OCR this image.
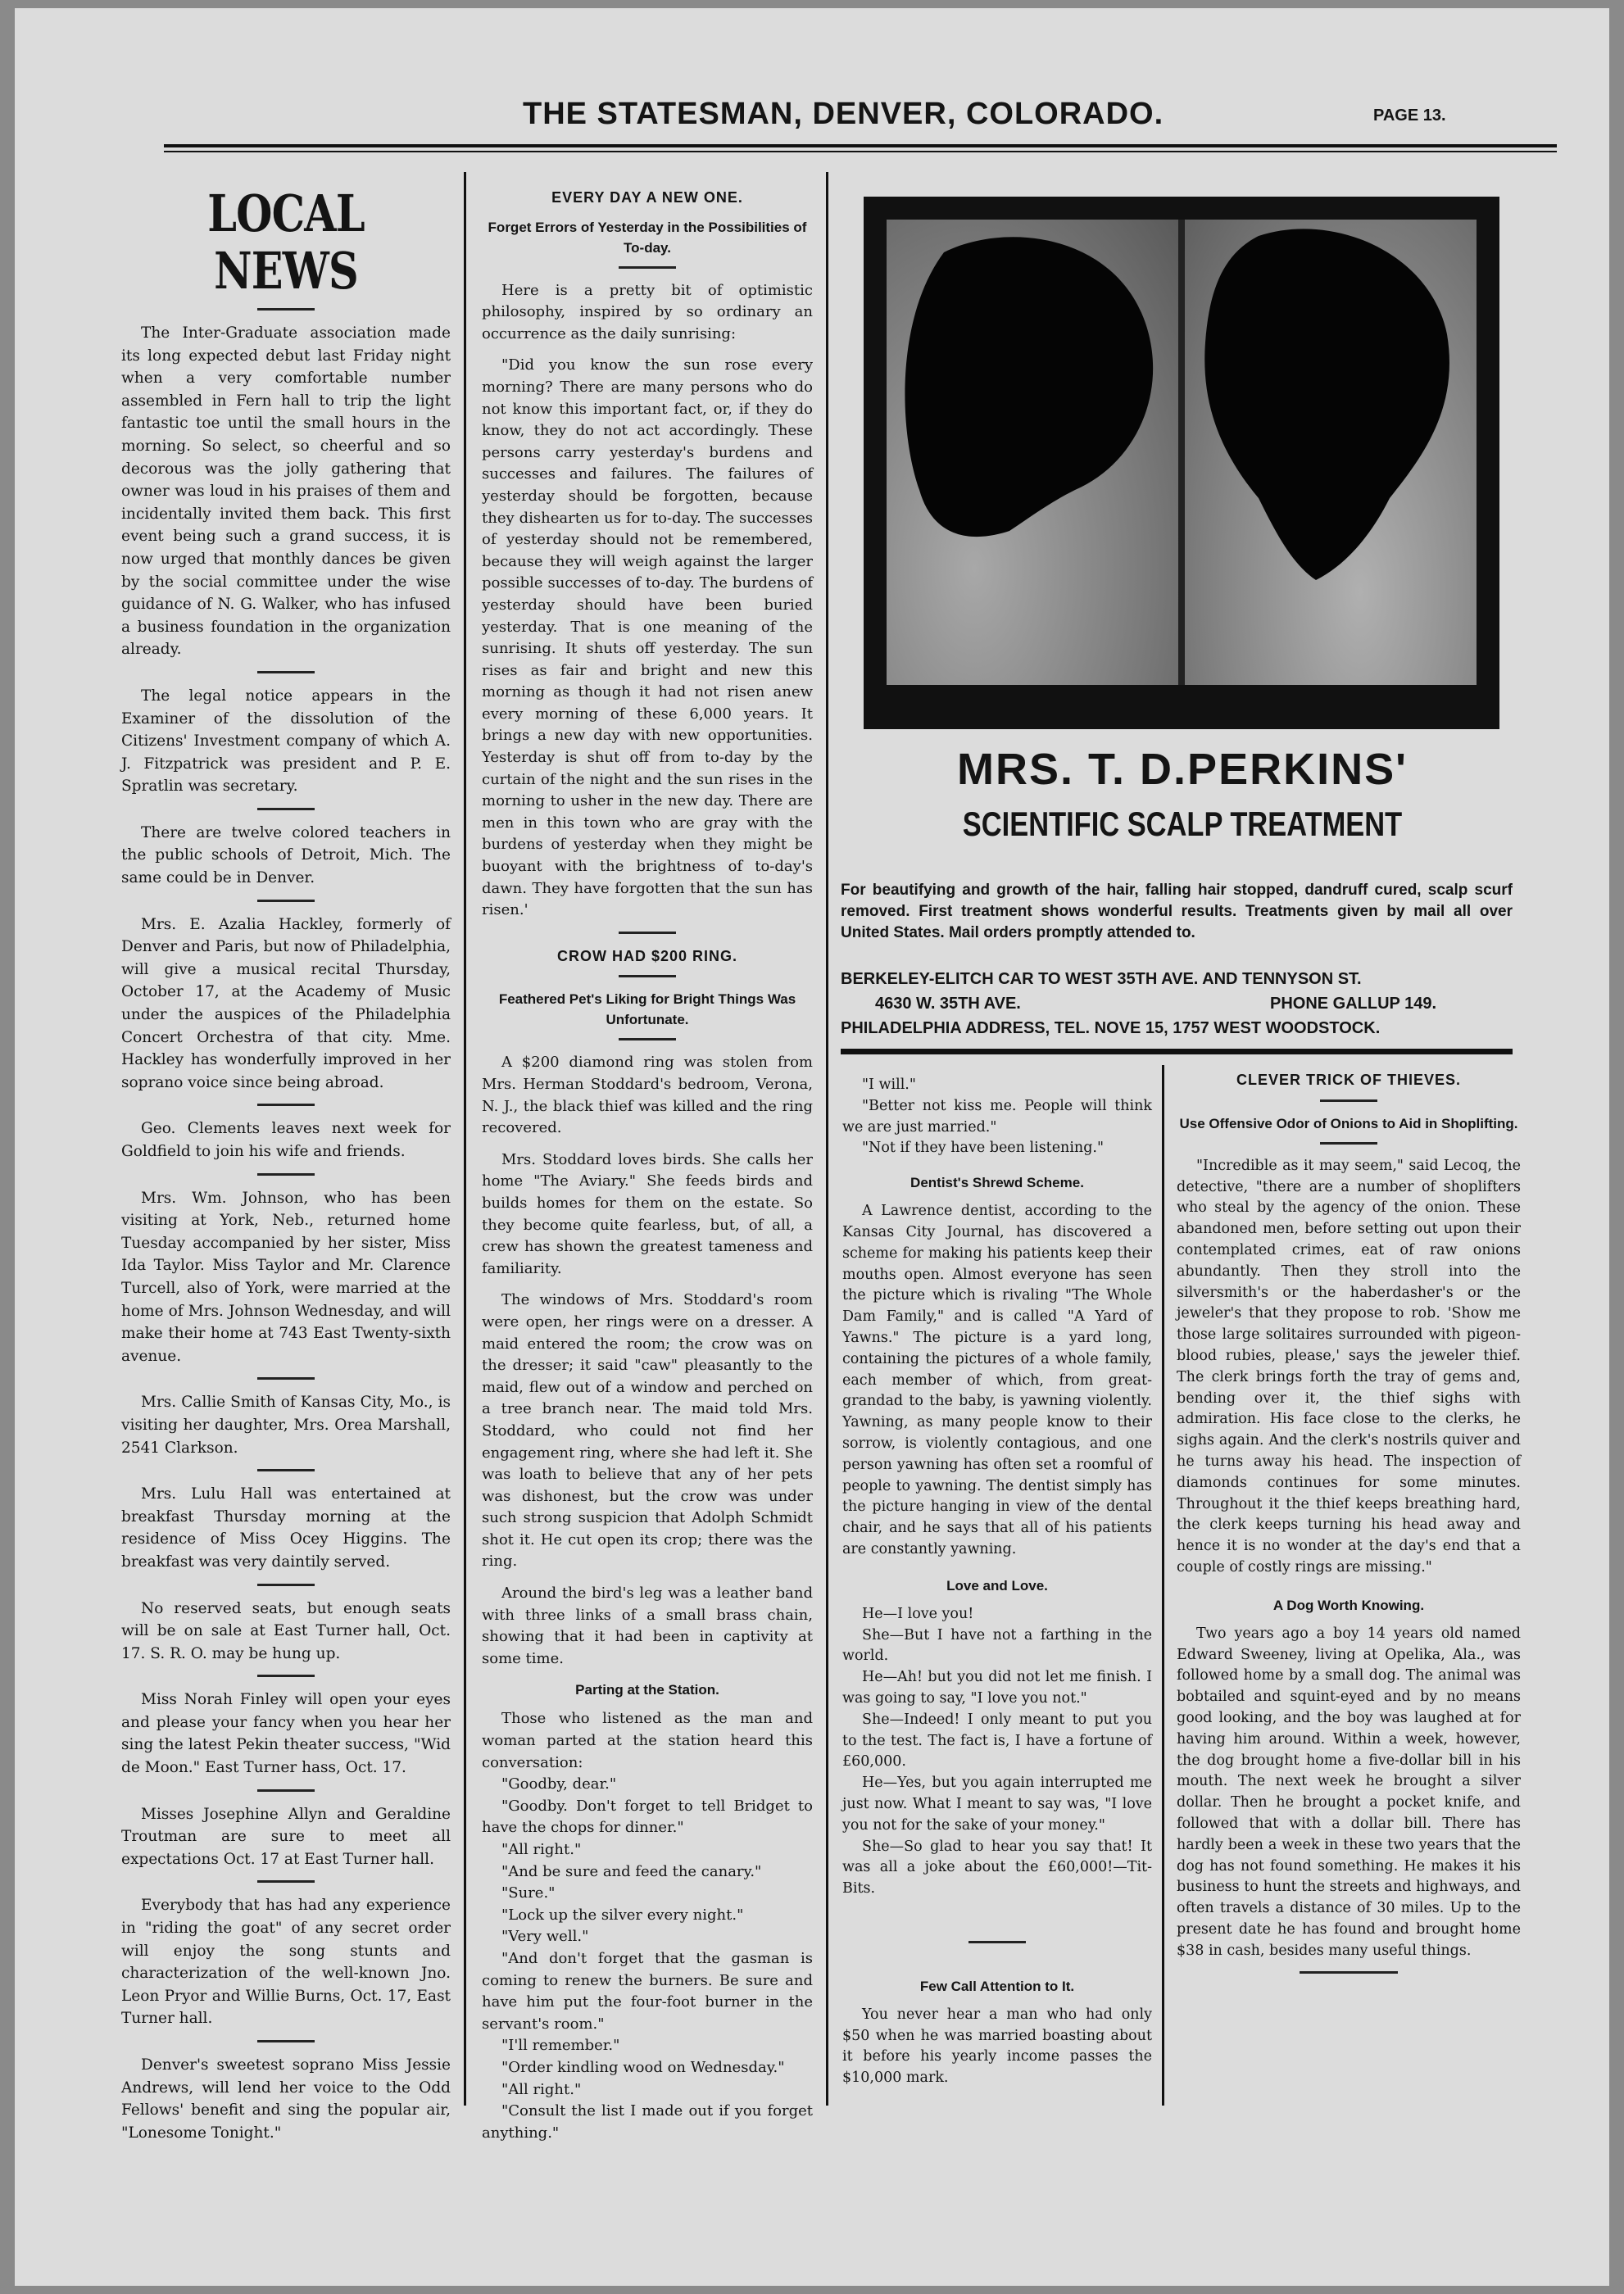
THE STATESMAN, DENVER, COLORADO.	PAGE 13.
LOCAL NEWS

The Inter-Graduate association made its long expected debut last Friday night when a very comfortable number assembled in Fern hall to trip the light fantastic toe until the small hours in the morning. So select, so cheerful and so decorous was the jolly gathering that owner was loud in his praises of them and incidentally invited them back. This first event being such a grand success, it is now urged that monthly dances be given by the social committee under the wise guidance of N. G. Walker, who has infused a business foundation in the organization already.

The legal notice appears in the Examiner of the dissolution of the Citizens' Investment company of which A. J. Fitzpatrick was president and P. E. Spratlin was secretary.

There are twelve colored teachers in the public schools of Detroit, Mich. The same could be in Denver.

Mrs. E. Azalia Hackley, formerly of Denver and Paris, but now of Philadelphia, will give a musical recital Thursday, October 17, at the Academy of Music under the auspices of the Philadelphia Concert Orchestra of that city. Mme. Hackley has wonderfully improved in her soprano voice since being abroad.

Geo. Clements leaves next week for Goldfield to join his wife and friends.

Mrs. Wm. Johnson, who has been visiting at York, Neb., returned home Tuesday accompanied by her sister, Miss Ida Taylor. Miss Taylor and Mr. Clarence Turcell, also of York, were married at the home of Mrs. Johnson Wednesday, and will make their home at 743 East Twenty-sixth avenue.

Mrs. Callie Smith of Kansas City, Mo., is visiting her daughter, Mrs. Orea Marshall, 2541 Clarkson.

Mrs. Lulu Hall was entertained at breakfast Thursday morning at the residence of Miss Ocey Higgins. The breakfast was very daintily served.

No reserved seats, but enough seats will be on sale at East Turner hall, Oct. 17. S. R. O. may be hung up.

Miss Norah Finley will open your eyes and please your fancy when you hear her sing the latest Pekin theater success, "Wid de Moon." East Turner hass, Oct. 17.

Misses Josephine Allyn and Geraldine Troutman are sure to meet all expectations Oct. 17 at East Turner hall.

Everybody that has had any experience in "riding the goat" of any secret order will enjoy the song stunts and characterization of the well-known Jno. Leon Pryor and Willie Burns, Oct. 17, East Turner hall.

Denver's sweetest soprano Miss Jessie Andrews, will lend her voice to the Odd Fellows' benefit and sing the popular air, "Lonesome Tonight."

EVERY DAY A NEW ONE.
Forget Errors of Yesterday in the Possibilities of To-day.

Here is a pretty bit of optimistic philosophy, inspired by so ordinary an occurrence as the daily sunrising:

"Did you know the sun rose every morning? There are many persons who do not know this important fact, or, if they do know, they do not act accordingly. These persons carry yesterday's burdens and successes and failures. The failures of yesterday should be forgotten, because they dishearten us for to-day. The successes of yesterday should not be remembered, because they will weigh against the larger possible successes of to-day. The burdens of yesterday should have been buried yesterday. That is one meaning of the sunrising. It shuts off yesterday. The sun rises as fair and bright and new this morning as though it had not risen anew every morning of these 6,000 years. It brings a new day with new opportunities. Yesterday is shut off from to-day by the curtain of the night and the sun rises in the morning to usher in the new day. There are men in this town who are gray with the burdens of yesterday when they might be buoyant with the brightness of to-day's dawn. They have forgotten that the sun has risen.'

CROW HAD $200 RING.
Feathered Pet's Liking for Bright Things Was Unfortunate.

A $200 diamond ring was stolen from Mrs. Herman Stoddard's bedroom, Verona, N. J., the black thief was killed and the ring recovered.

Mrs. Stoddard loves birds. She calls her home "The Aviary." She feeds birds and builds homes for them on the estate. So they become quite fearless, but, of all, a crew has shown the greatest tameness and familiarity.

The windows of Mrs. Stoddard's room were open, her rings were on a dresser. A maid entered the room; the crow was on the dresser; it said "caw" pleasantly to the maid, flew out of a window and perched on a tree branch near. The maid told Mrs. Stoddard, who could not find her engagement ring, where she had left it. She was loath to believe that any of her pets was dishonest, but the crow was under such strong suspicion that Adolph Schmidt shot it. He cut open its crop; there was the ring.

Around the bird's leg was a leather band with three links of a small brass chain, showing that it had been in captivity at some time.

Parting at the Station.

Those who listened as the man and woman parted at the station heard this conversation:

"Goodby, dear."

"Goodby. Don't forget to tell Bridget to have the chops for dinner."

"All right."

"And be sure and feed the canary."

"Sure."

"Lock up the silver every night."

"Very well."

"And don't forget that the gasman is coming to renew the burners. Be sure and have him put the four-foot burner in the servant's room."

"I'll remember."

"Order kindling wood on Wednesday."

"All right."

"Consult the list I made out if you forget anything."

MRS. T. D.PERKINS'
SCIENTIFIC SCALP TREATMENT
For beautifying and growth of the hair, falling hair stopped, dandruff cured, scalp scurf removed. First treatment shows wonderful results. Treatments given by mail all over United States. Mail orders promptly attended to.
BERKELEY-ELITCH CAR TO WEST 35TH AVE. AND TENNYSON ST.
4630 W. 35TH AVE.	PHONE GALLUP 149.
PHILADELPHIA ADDRESS, TEL. NOVE 15, 1757 WEST WOODSTOCK.

"I will."

"Better not kiss me. People will think we are just married."

"Not if they have been listening."

Dentist's Shrewd Scheme.

A Lawrence dentist, according to the Kansas City Journal, has discovered a scheme for making his patients keep their mouths open. Almost everyone has seen the picture which is rivaling "The Whole Dam Family," and is called "A Yard of Yawns." The picture is a yard long, containing the pictures of a whole family, each member of which, from great-grandad to the baby, is yawning violently. Yawning, as many people know to their sorrow, is violently contagious, and one person yawning has often set a roomful of people to yawning. The dentist simply has the picture hanging in view of the dental chair, and he says that all of his patients are constantly yawning.

Love and Love.

He—I love you!

She—But I have not a farthing in the world.

He—Ah! but you did not let me finish. I was going to say, "I love you not."

She—Indeed! I only meant to put you to the test. The fact is, I have a fortune of £60,000.

He—Yes, but you again interrupted me just now. What I meant to say was, "I love you not for the sake of your money."

She—So glad to hear you say that! It was all a joke about the £60,000!—Tit-Bits.

Few Call Attention to It.

You never hear a man who had only $50 when he was married boasting about it before his yearly income passes the $10,000 mark.

CLEVER TRICK OF THIEVES.
Use Offensive Odor of Onions to Aid in Shoplifting.

"Incredible as it may seem," said Lecoq, the detective, "there are a number of shoplifters who steal by the agency of the onion. These abandoned men, before setting out upon their contemplated crimes, eat of raw onions abundantly. Then they stroll into the silversmith's or the haberdasher's or the jeweler's that they propose to rob. 'Show me those large solitaires surrounded with pigeon-blood rubies, please,' says the jeweler thief. The clerk brings forth the tray of gems and, bending over it, the thief sighs with admiration. His face close to the clerks, he sighs again. And the clerk's nostrils quiver and he turns away his head. The inspection of diamonds continues for some minutes. Throughout it the thief keeps breathing hard, the clerk keeps turning his head away and hence it is no wonder at the day's end that a couple of costly rings are missing."

A Dog Worth Knowing.

Two years ago a boy 14 years old named Edward Sweeney, living at Opelika, Ala., was followed home by a small dog. The animal was bobtailed and squint-eyed and by no means good looking, and the boy was laughed at for having him around. Within a week, however, the dog brought home a five-dollar bill in his mouth. The next week he brought a silver dollar. Then he brought a pocket knife, and followed that with a dollar bill. There has hardly been a week in these two years that the dog has not found something. He makes it his business to hunt the streets and highways, and often travels a distance of 30 miles. Up to the present date he has found and brought home $38 in cash, besides many useful things.
